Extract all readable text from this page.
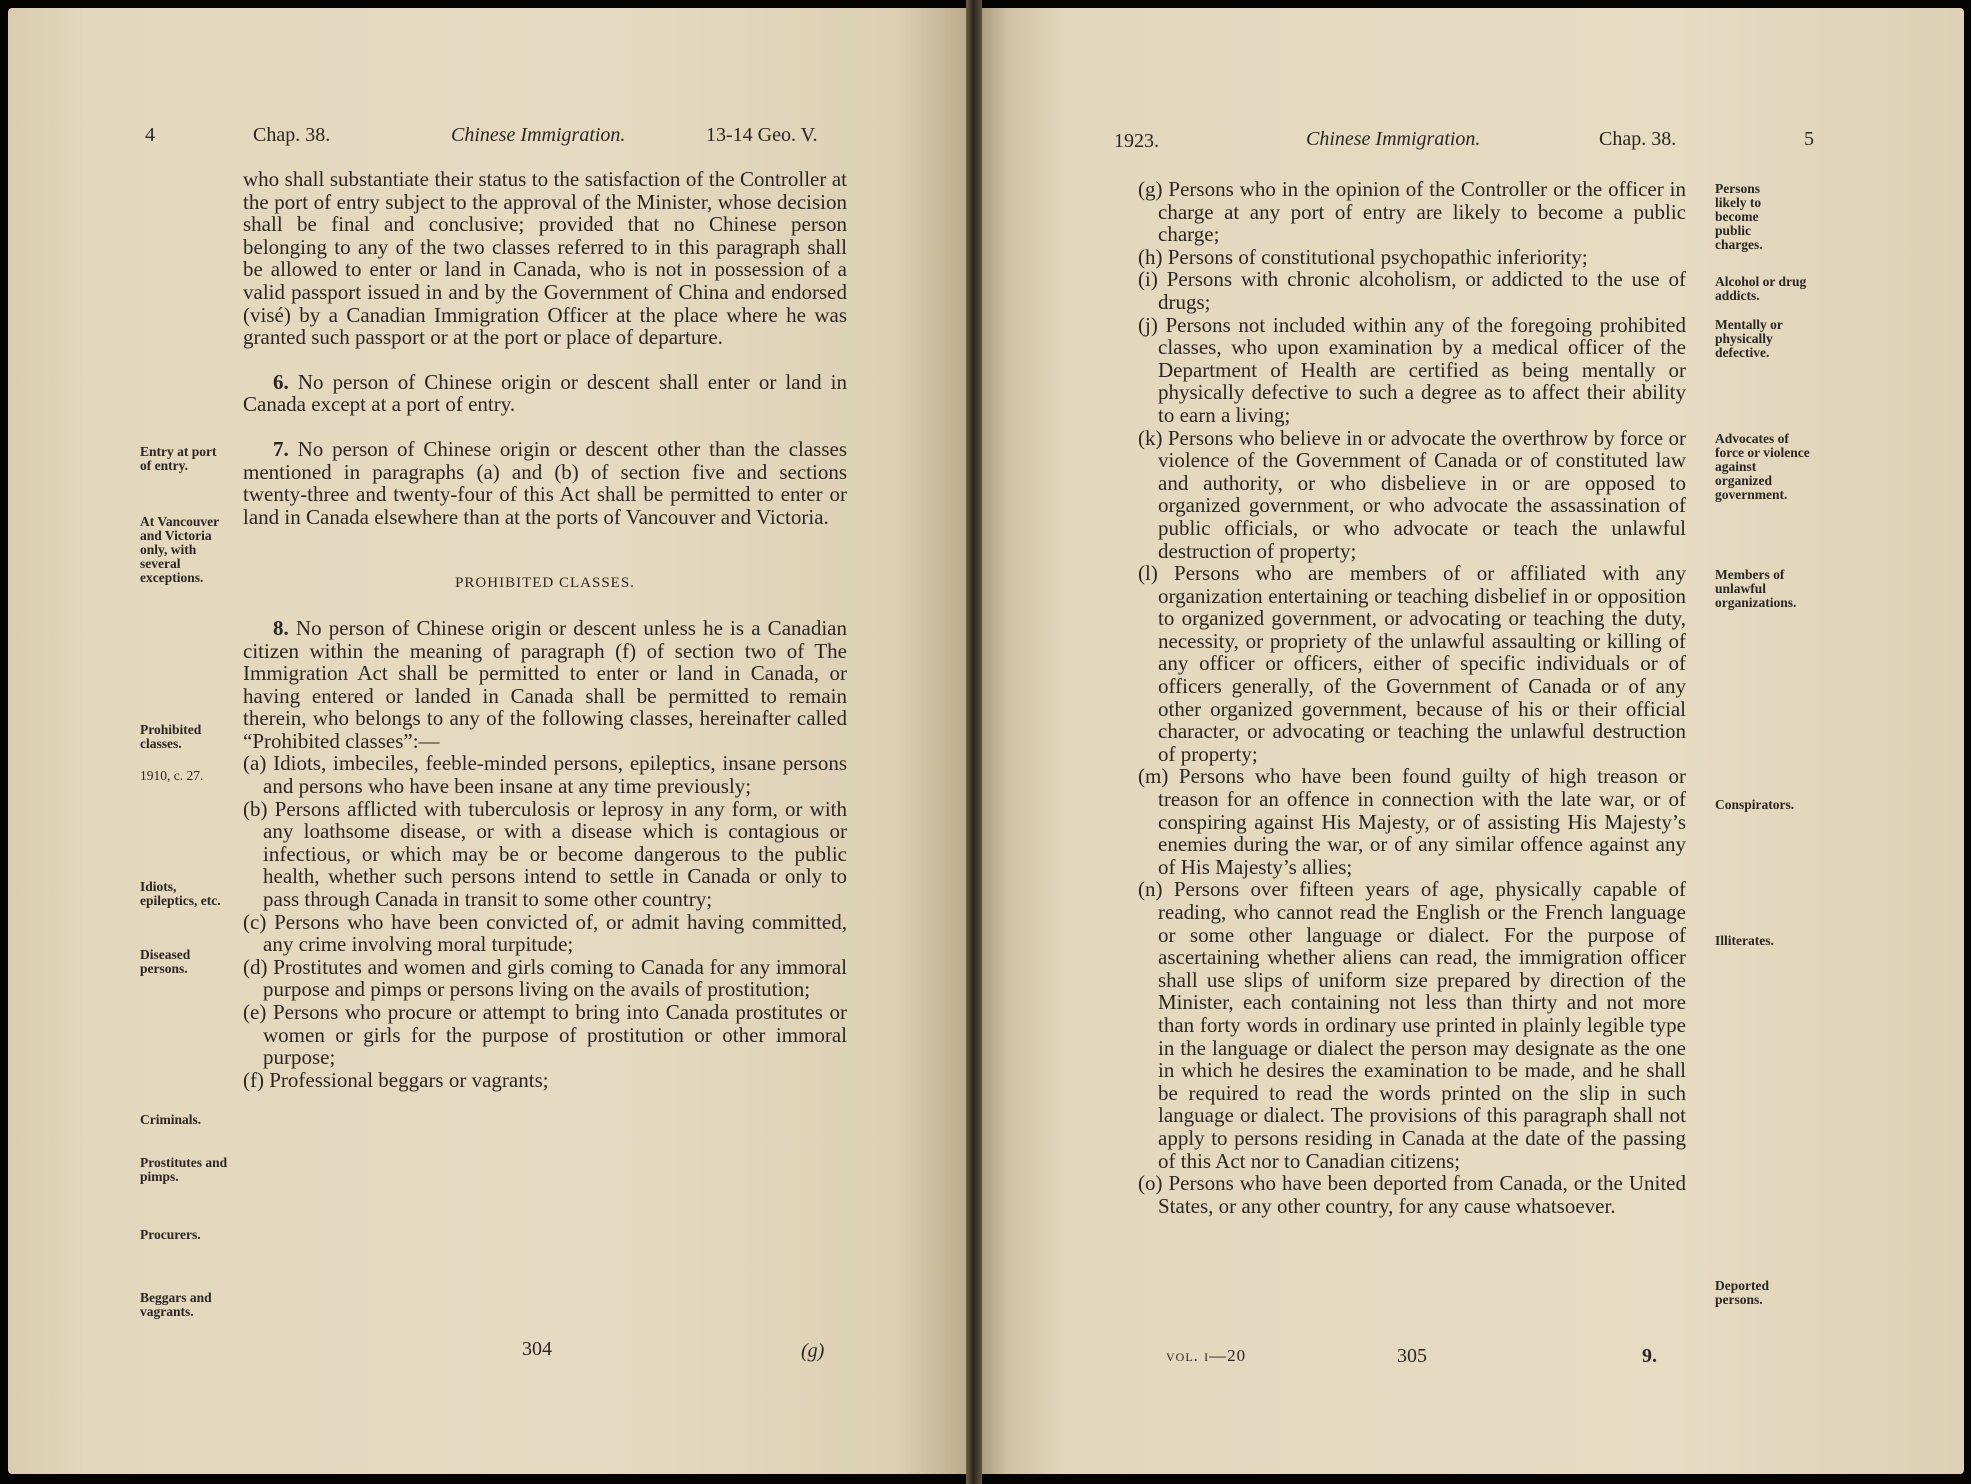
4	Chap. 38.	Chinese Immigration.	13-14 Geo. V.

who shall substantiate their status to the satisfaction of the Controller at the port of entry subject to the approval of the Minister, whose decision shall be final and conclusive; provided that no Chinese person belonging to any of the two classes referred to in this paragraph shall be allowed to enter or land in Canada, who is not in possession of a valid passport issued in and by the Government of China and endorsed (visé) by a Canadian Immigration Officer at the place where he was granted such passport or at the port or place of departure.

6. No person of Chinese origin or descent shall enter or land in Canada except at a port of entry.

7. No person of Chinese origin or descent other than the classes mentioned in paragraphs (a) and (b) of section five and sections twenty-three and twenty-four of this Act shall be permitted to enter or land in Canada elsewhere than at the ports of Vancouver and Victoria.

PROHIBITED CLASSES.

8. No person of Chinese origin or descent unless he is a Canadian citizen within the meaning of paragraph (f) of section two of The Immigration Act shall be permitted to enter or land in Canada, or having entered or landed in Canada shall be permitted to remain therein, who belongs to any of the following classes, hereinafter called “Prohibited classes”:—

(a) Idiots, imbeciles, feeble-minded persons, epileptics, insane persons and persons who have been insane at any time previously;

(b) Persons afflicted with tuberculosis or leprosy in any form, or with any loathsome disease, or with a disease which is contagious or infectious, or which may be or become dangerous to the public health, whether such persons intend to settle in Canada or only to pass through Canada in transit to some other country;

(c) Persons who have been convicted of, or admit having committed, any crime involving moral turpitude;

(d) Prostitutes and women and girls coming to Canada for any immoral purpose and pimps or persons living on the avails of prostitution;

(e) Persons who procure or attempt to bring into Canada prostitutes or women or girls for the purpose of prostitution or other immoral purpose;

(f) Professional beggars or vagrants;

Entry at port of entry.
At Vancouver and Victoria only, with several exceptions.
Prohibited classes.
1910, c. 27.
Idiots, epileptics, etc.
Diseased persons.
Criminals.
Prostitutes and pimps.
Procurers.
Beggars and vagrants.
304	(g)
1923.	Chinese Immigration.	Chap. 38.	5

(g) Persons who in the opinion of the Controller or the officer in charge at any port of entry are likely to become a public charge;

(h) Persons of constitutional psychopathic inferiority;

(i) Persons with chronic alcoholism, or addicted to the use of drugs;

(j) Persons not included within any of the foregoing prohibited classes, who upon examination by a medical officer of the Department of Health are certified as being mentally or physically defective to such a degree as to affect their ability to earn a living;

(k) Persons who believe in or advocate the overthrow by force or violence of the Government of Canada or of constituted law and authority, or who disbelieve in or are opposed to organized government, or who advocate the assassination of public officials, or who advocate or teach the unlawful destruction of property;

(l) Persons who are members of or affiliated with any organization entertaining or teaching disbelief in or opposition to organized government, or advocating or teaching the duty, necessity, or propriety of the unlawful assaulting or killing of any officer or officers, either of specific individuals or of officers generally, of the Government of Canada or of any other organized government, because of his or their official character, or advocating or teaching the unlawful destruction of property;

(m) Persons who have been found guilty of high treason or treason for an offence in connection with the late war, or of conspiring against His Majesty, or of assisting His Majesty’s enemies during the war, or of any similar offence against any of His Majesty’s allies;

(n) Persons over fifteen years of age, physically capable of reading, who cannot read the English or the French language or some other language or dialect. For the purpose of ascertaining whether aliens can read, the immigration officer shall use slips of uniform size prepared by direction of the Minister, each containing not less than thirty and not more than forty words in ordinary use printed in plainly legible type in the language or dialect the person may designate as the one in which he desires the examination to be made, and he shall be required to read the words printed on the slip in such language or dialect. The provisions of this paragraph shall not apply to persons residing in Canada at the date of the passing of this Act nor to Canadian citizens;

(o) Persons who have been deported from Canada, or the United States, or any other country, for any cause whatsoever.

Persons likely to become public charges.
Alcohol or drug addicts.
Mentally or physically defective.
Advocates of force or violence against organized government.
Members of unlawful organizations.
Conspirators.
Illiterates.
Deported persons.
vol. i—20	305	9.
